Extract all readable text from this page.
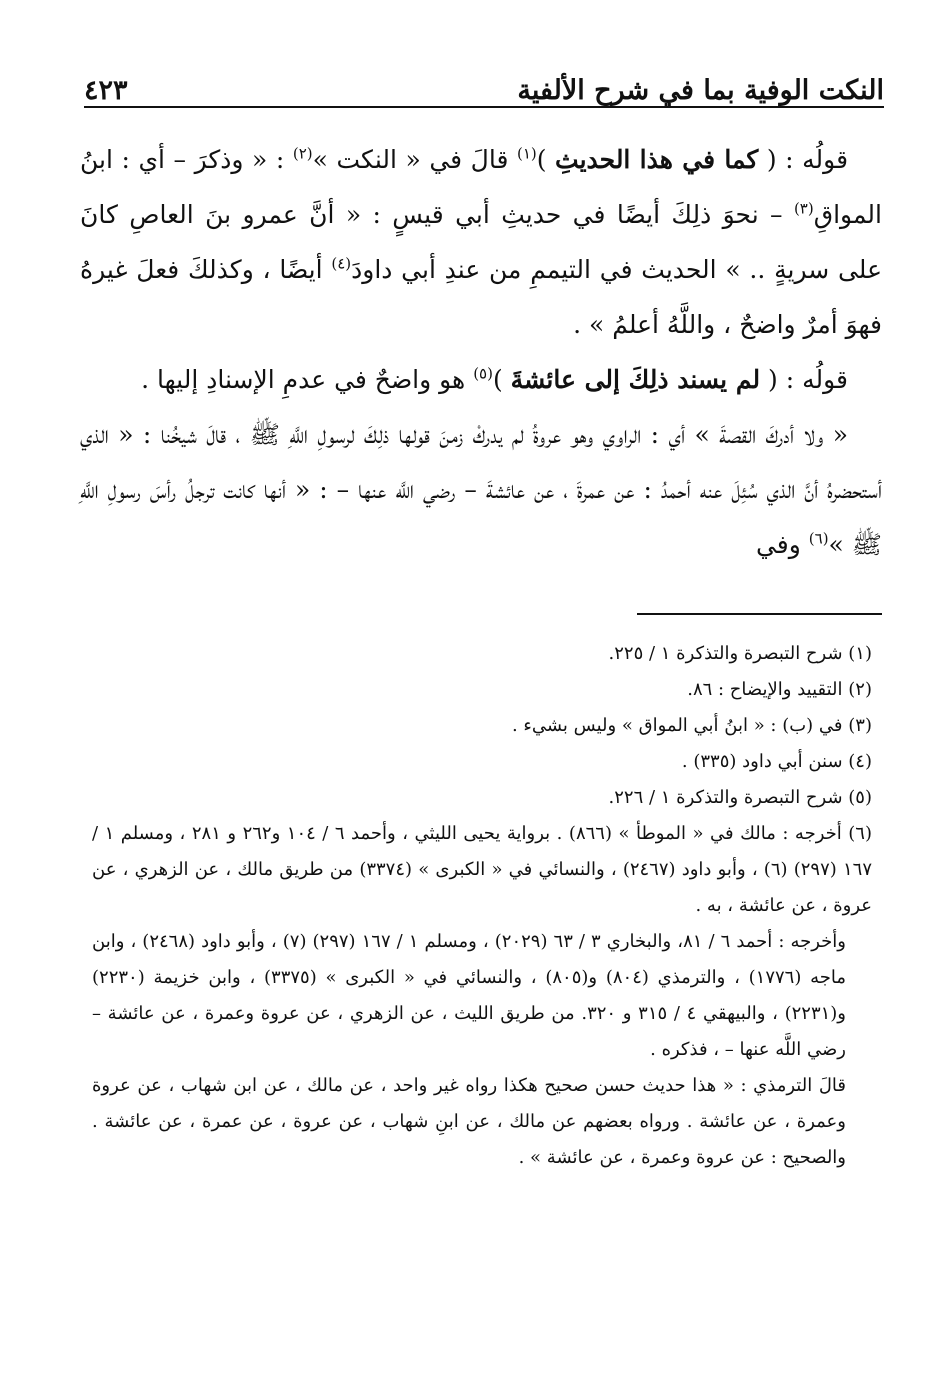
النكت الوفية بما في شرح الألفية
٤٢٣

قولُه : ( كما في هذا الحديثِ )$^{(١)}$ قالَ في « النكت »$^{(٢)}$ : « وذكرَ – أي : ابنُ المواقِ$^{(٣)}$ – نحوَ ذلِكَ أيضًا في حديثِ أبي قيسٍ : « أنَّ عمرو بنَ العاصِ كانَ على سريةٍ .. » الحديث في التيممِ من عندِ أبي داودَ$^{(٤)}$ أيضًا ، وكذلكَ فعلَ غيرهُ فهوَ أمرٌ واضحٌ ، واللَّهُ أعلمُ » .

قولُه : ( لم يسند ذلِكَ إلى عائشةَ )$^{(٥)}$ هو واضحٌ في عدمِ الإسنادِ إليها .

« ولا أدركَ القصةَ » أي : الراوي وهو عروةُ لم يدركْ زمنَ قولها ذلِكَ لرسولِ اللَّهِ ﷺ ، قالَ شيخُنا : « الذي أستحضرهُ أنَّ الذي سُئِلَ عنه أحمدُ : عن عمرةَ ، عن عائشةَ – رضي اللَّه عنها – : « أنها كانت ترجلُ رأسَ رسولِ اللَّهِ ﷺ »$^{(٦)}$ وفي

(١) شرح التبصرة والتذكرة ١ / ٢٢٥.

(٢) التقييد والإيضاح : ٨٦.

(٣) في (ب) : « ابنُ أبي المواق » وليس بشيء .

(٤) سنن أبي داود (٣٣٥) .

(٥) شرح التبصرة والتذكرة ١ / ٢٢٦.

(٦) أخرجه : مالك في « الموطأ » (٨٦٦) . برواية يحيى الليثي ، وأحمد ٦ / ١٠٤ و٢٦٢ و ٢٨١ ، ومسلم ١ / ١٦٧ (٢٩٧) (٦) ، وأبو داود (٢٤٦٧) ، والنسائي في « الكبرى » (٣٣٧٤) من طريق مالك ، عن الزهري ، عن عروة ، عن عائشة ، به .

وأخرجه : أحمد ٦ / ٨١، والبخاري ٣ / ٦٣ (٢٠٢٩) ، ومسلم ١ / ١٦٧ (٢٩٧) (٧) ، وأبو داود (٢٤٦٨) ، وابن ماجه (١٧٧٦) ، والترمذي (٨٠٤) و(٨٠٥) ، والنسائي في « الكبرى » (٣٣٧٥) ، وابن خزيمة (٢٢٣٠) و(٢٢٣١) ، والبيهقي ٤ / ٣١٥ و ٣٢٠. من طريق الليث ، عن الزهري ، عن عروة وعمرة ، عن عائشة – رضي اللَّه عنها – ، فذكره .

قالَ الترمذي : « هذا حديث حسن صحيح هكذا رواه غير واحد ، عن مالك ، عن ابن شهاب ، عن عروة وعمرة ، عن عائشة . ورواه بعضهم عن مالك ، عن ابنِ شهاب ، عن عروة ، عن عمرة ، عن عائشة . والصحيح : عن عروة وعمرة ، عن عائشة » .
